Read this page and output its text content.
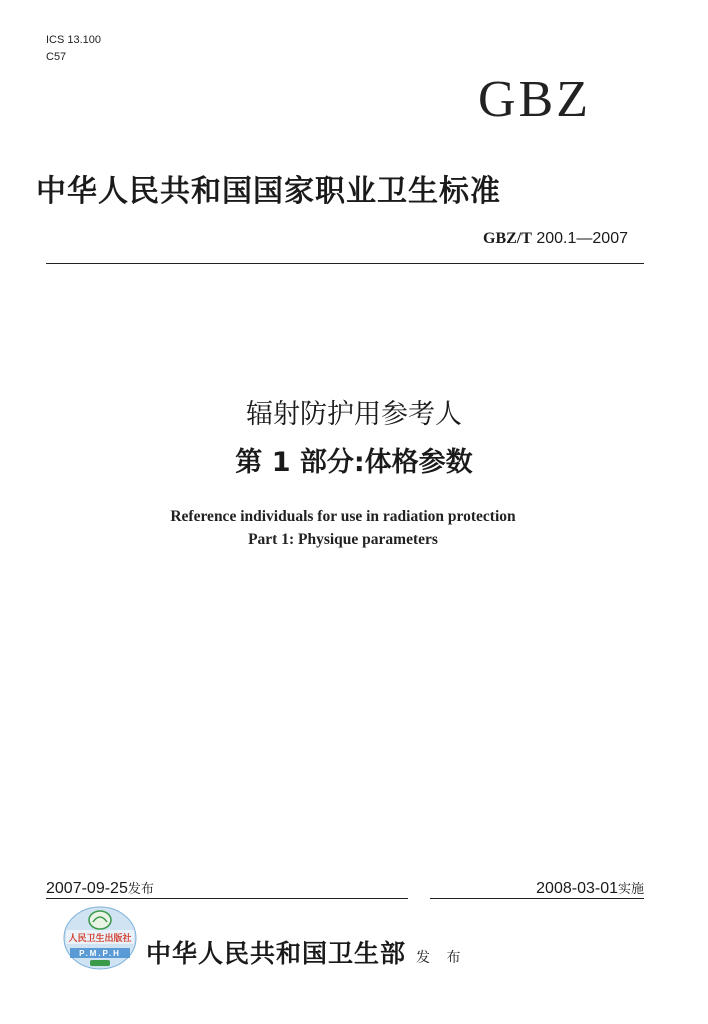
ICS 13.100
C57
GBZ
中华人民共和国国家职业卫生标准
GBZ/T 200.1—2007
辐射防护用参考人
第 1 部分:体格参数
Reference individuals for use in radiation protection
Part 1: Physique parameters
2007-09-25发布	2008-03-01实施
人民卫生出版社
P.M.P.H 中华人民共和国卫生部 发 布
